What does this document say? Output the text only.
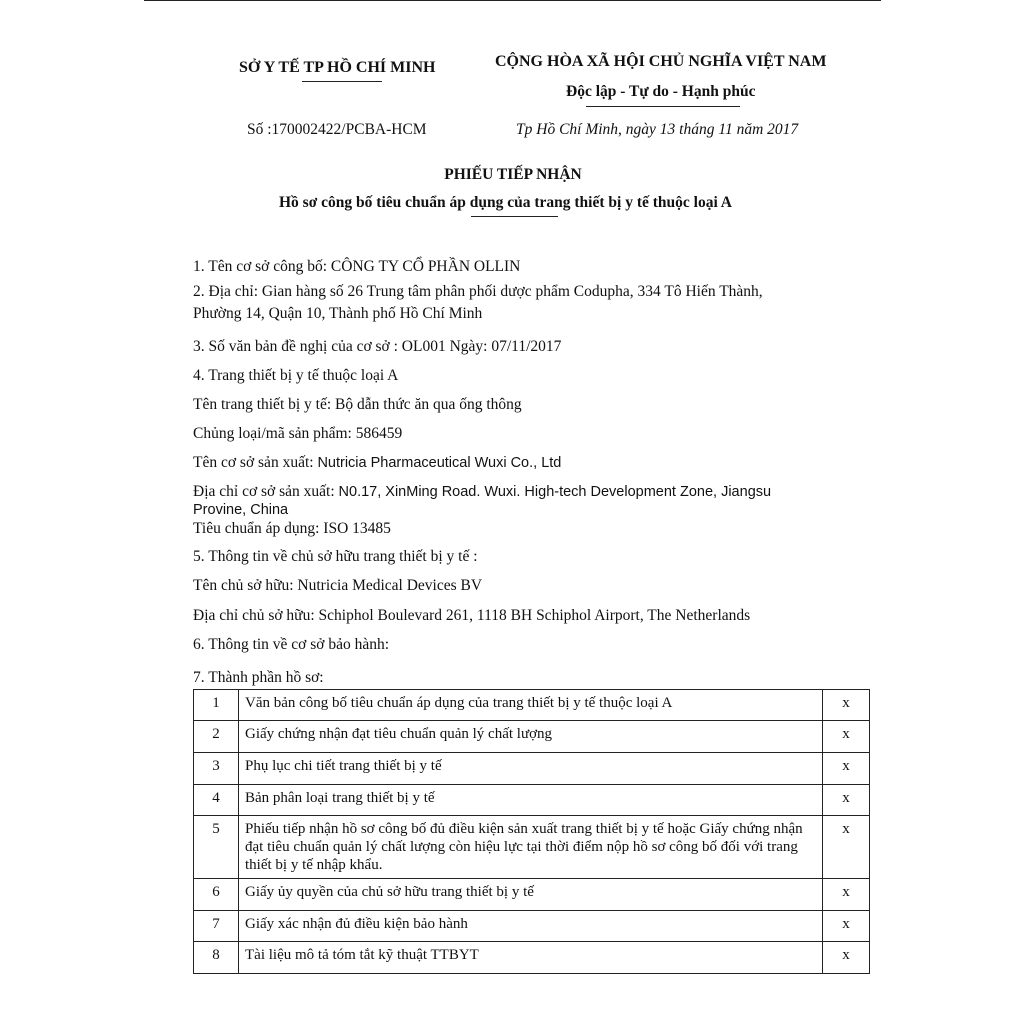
SỞ Y TẾ TP HỒ CHÍ MINH
Số :170002422/PCBA-HCM
CỘNG HÒA XÃ HỘI CHỦ NGHĨA VIỆT NAM
Độc lập - Tự do - Hạnh phúc
Tp Hồ Chí Minh, ngày 13 tháng 11 năm 2017
PHIẾU TIẾP NHẬN
Hồ sơ công bố tiêu chuẩn áp dụng của trang thiết bị y tế thuộc loại A
1. Tên cơ sở công bố: CÔNG TY CỔ PHẦN OLLIN
2. Địa chỉ: Gian hàng số 26 Trung tâm phân phối dược phẩm Codupha, 334 Tô Hiến Thành,
Phường 14, Quận 10, Thành phố Hồ Chí Minh
3. Số văn bản đề nghị của cơ sở : OL001 Ngày: 07/11/2017
4. Trang thiết bị y tế thuộc loại A
Tên trang thiết bị y tế: Bộ dẫn thức ăn qua ống thông
Chủng loại/mã sản phẩm: 586459
Tên cơ sở sản xuất: Nutricia Pharmaceutical Wuxi Co., Ltd
Địa chỉ cơ sở sản xuất: N0.17, XinMing Road. Wuxi. High-tech Development Zone, Jiangsu
Provine, China
Tiêu chuẩn áp dụng: ISO 13485
5. Thông tin về chủ sở hữu trang thiết bị y tế :
Tên chủ sở hữu: Nutricia Medical Devices BV
Địa chỉ chủ sở hữu: Schiphol Boulevard 261, 1118 BH Schiphol Airport, The Netherlands
6. Thông tin về cơ sở bảo hành:
7. Thành phần hồ sơ:
1	Văn bản công bố tiêu chuẩn áp dụng của trang thiết bị y tế thuộc loại A	x
2	Giấy chứng nhận đạt tiêu chuẩn quản lý chất lượng	x
3	Phụ lục chi tiết trang thiết bị y tế	x
4	Bản phân loại trang thiết bị y tế	x
5	Phiếu tiếp nhận hồ sơ công bố đủ điều kiện sản xuất trang thiết bị y tế hoặc Giấy chứng nhận đạt tiêu chuẩn quản lý chất lượng còn hiệu lực tại thời điểm nộp hồ sơ công bố đối với trang thiết bị y tế nhập khẩu.	x
6	Giấy ủy quyền của chủ sở hữu trang thiết bị y tế	x
7	Giấy xác nhận đủ điều kiện bảo hành	x
8	Tài liệu mô tả tóm tắt kỹ thuật TTBYT	x
